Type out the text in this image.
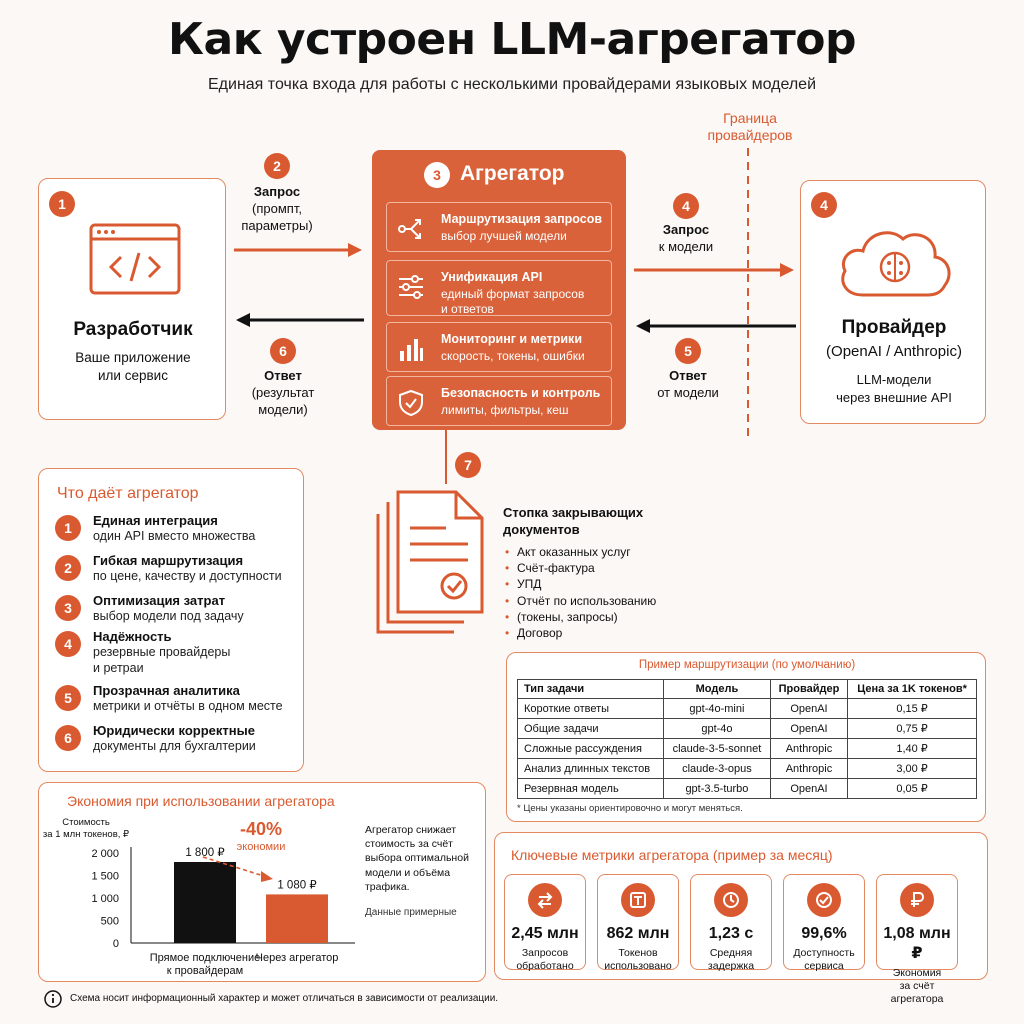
Как устроен LLM-агрегатор
Единая точка входа для работы с несколькими провайдерами языковых моделей
Граница
провайдеров
1
Разработчик
Ваше приложение
или сервис
2
Запрос
(промпт,
параметры)
6
Ответ
(результат
модели)
3 Агрегатор
Маршрутизация запросов
выбор лучшей модели
Унификация API
единый формат запросов
и ответов
Мониторинг и метрики
скорость, токены, ошибки
Безопасность и контроль
лимиты, фильтры, кеш
4
Запрос
к модели
5
Ответ
от модели
4
Провайдер
(OpenAI / Anthropic)
LLM-модели
через внешние API
7
Стопка закрывающих
документов
• Акт оказанных услуг
• Счёт-фактура
• УПД
• Отчёт по использованию
• (токены, запросы)
• Договор
Что даёт агрегатор
1	Единая интеграция
один API вместо множества
2	Гибкая маршрутизация
по цене, качеству и доступности
3	Оптимизация затрат
выбор модели под задачу
4	Надёжность
резервные провайдеры
и ретраи
5	Прозрачная аналитика
метрики и отчёты в одном месте
6	Юридически корректные
документы для бухгалтерии
Экономия при использовании агрегатора
Стоимость
за 1 млн токенов, ₽
2 000
1 500
1 000
500
0
1 800 ₽
Прямое подключение
к провайдерам
1 080 ₽
Через агрегатор
-40%
экономии
Агрегатор снижает стоимость за счёт выбора оптимальной модели и объёма трафика.
Данные примерные
Пример маршрутизации (по умолчанию)
Тип задачи	Модель	Провайдер	Цена за 1K токенов*
Короткие ответы	gpt-4o-mini	OpenAI	0,15 ₽
Общие задачи	gpt-4o	OpenAI	0,75 ₽
Сложные рассуждения	claude-3-5-sonnet	Anthropic	1,40 ₽
Анализ длинных текстов	claude-3-opus	Anthropic	3,00 ₽
Резервная модель	gpt-3.5-turbo	OpenAI	0,05 ₽
* Цены указаны ориентировочно и могут меняться.
Ключевые метрики агрегатора (пример за месяц)
2,45 млн
Запросов
обработано
862 млн
Токенов
использовано
1,23 с
Средняя
задержка
99,6%
Доступность
сервиса
1,08 млн ₽
Экономия
за счёт агрегатора
Схема носит информационный характер и может отличаться в зависимости от реализации.
